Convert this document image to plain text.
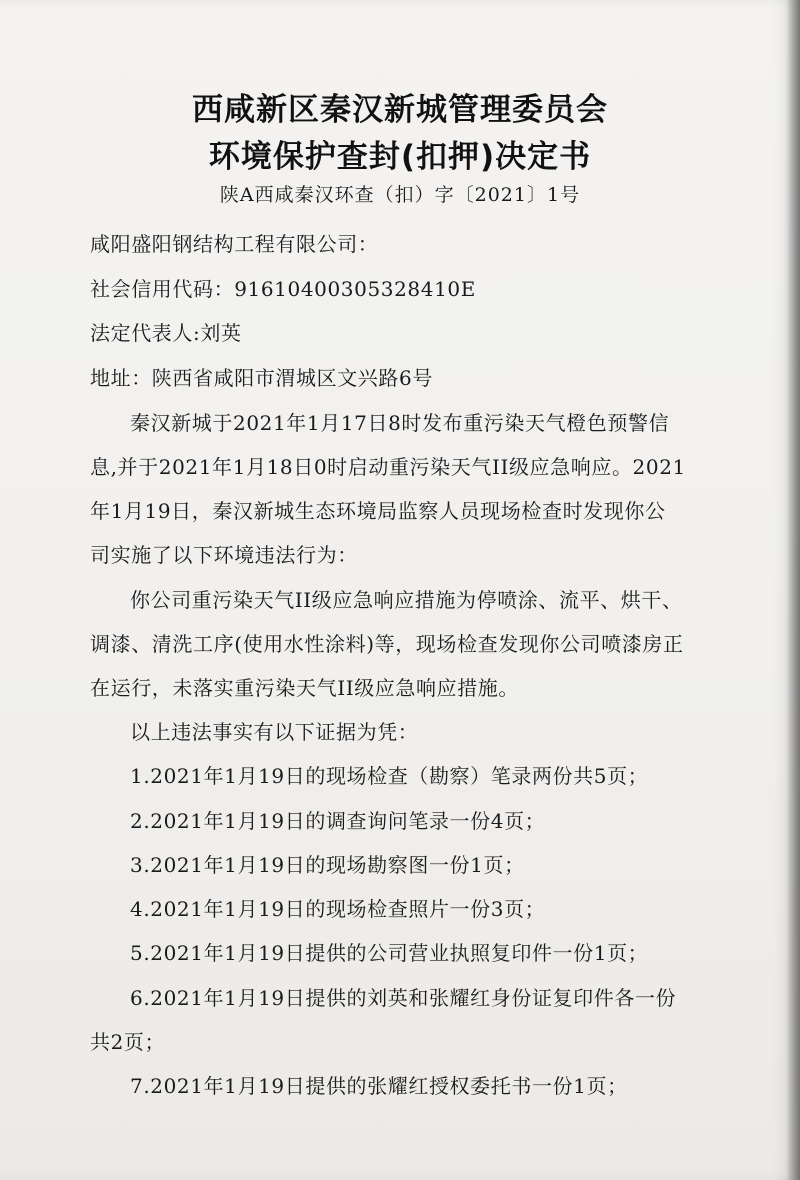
西咸新区秦汉新城管理委员会
环境保护查封(扣押)决定书
陕A西咸秦汉环查（扣）字〔2021〕1号
咸阳盛阳钢结构工程有限公司：
社会信用代码：91610400305328410E
法定代表人:刘英
地址：陕西省咸阳市渭城区文兴路6号
秦汉新城于2021年1月17日8时发布重污染天气橙色预警信
息,并于2021年1月18日0时启动重污染天气II级应急响应。2021
年1月19日，秦汉新城生态环境局监察人员现场检查时发现你公
司实施了以下环境违法行为：
你公司重污染天气II级应急响应措施为停喷涂、流平、烘干、
调漆、清洗工序(使用水性涂料)等，现场检查发现你公司喷漆房正
在运行，未落实重污染天气II级应急响应措施。
以上违法事实有以下证据为凭：
1.2021年1月19日的现场检查（勘察）笔录两份共5页；
2.2021年1月19日的调查询问笔录一份4页；
3.2021年1月19日的现场勘察图一份1页；
4.2021年1月19日的现场检查照片一份3页；
5.2021年1月19日提供的公司营业执照复印件一份1页；
6.2021年1月19日提供的刘英和张耀红身份证复印件各一份
共2页；
7.2021年1月19日提供的张耀红授权委托书一份1页；
